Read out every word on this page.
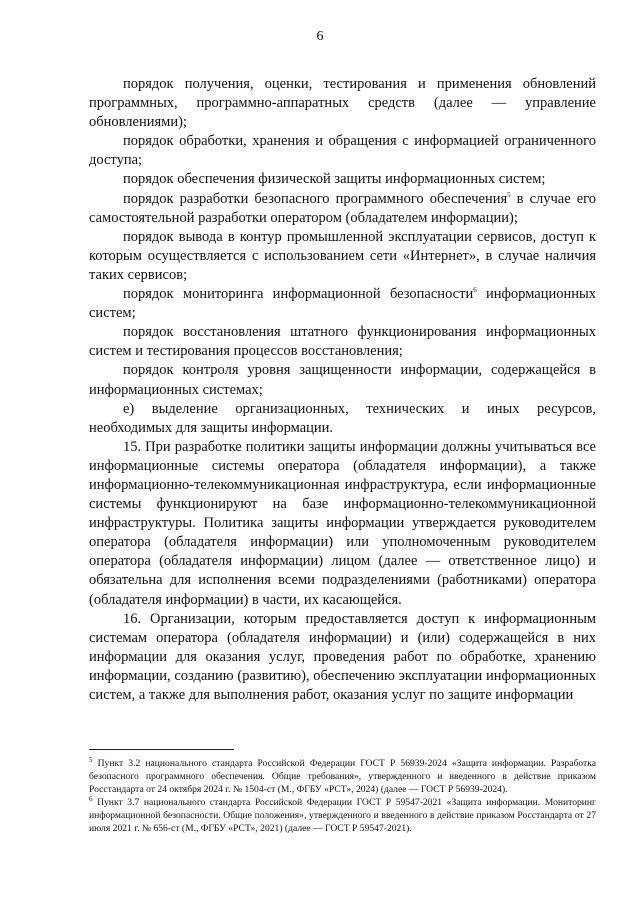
6

порядок получения, оценки, тестирования и применения обновлений программных, программно-аппаратных средств (далее — управление обновлениями);

порядок обработки, хранения и обращения с информацией ограниченного доступа;

порядок обеспечения физической защиты информационных систем;

порядок разработки безопасного программного обеспечения$^5$ в случае его самостоятельной разработки оператором (обладателем информации);

порядок вывода в контур промышленной эксплуатации сервисов, доступ к которым осуществляется с использованием сети «Интернет», в случае наличия таких сервисов;

порядок мониторинга информационной безопасности$^6$ информационных систем;

порядок восстановления штатного функционирования информационных систем и тестирования процессов восстановления;

порядок контроля уровня защищенности информации, содержащейся в информационных системах;

е) выделение организационных, технических и иных ресурсов, необходимых для защиты информации.

15. При разработке политики защиты информации должны учитываться все информационные системы оператора (обладателя информации), а также информационно-телекоммуникационная инфраструктура, если информационные системы функционируют на базе информационно-телекоммуникационной инфраструктуры. Политика защиты информации утверждается руководителем оператора (обладателя информации) или уполномоченным руководителем оператора (обладателя информации) лицом (далее — ответственное лицо) и обязательна для исполнения всеми подразделениями (работниками) оператора (обладателя информации) в части, их касающейся.

16. Организации, которым предоставляется доступ к информационным системам оператора (обладателя информации) и (или) содержащейся в них информации для оказания услуг, проведения работ по обработке, хранению информации, созданию (развитию), обеспечению эксплуатации информационных систем, а также для выполнения работ, оказания услуг по защите информации

$^5$ Пункт 3.2 национального стандарта Российской Федерации ГОСТ Р 56939-2024 «Защита информации. Разработка безопасного программного обеспечения. Общие требования», утвержденного и введенного в действие приказом Росстандарта от 24 октября 2024 г. № 1504-ст (М., ФГБУ «РСТ», 2024) (далее — ГОСТ Р 56939-2024).

$^6$ Пункт 3.7 национального стандарта Российской Федерации ГОСТ Р 59547-2021 «Защита информации. Мониторинг информационной безопасности. Общие положения», утвержденного и введенного в действие приказом Росстандарта от 27 июля 2021 г. № 656-ст (М., ФГБУ «РСТ», 2021) (далее — ГОСТ Р 59547-2021).
